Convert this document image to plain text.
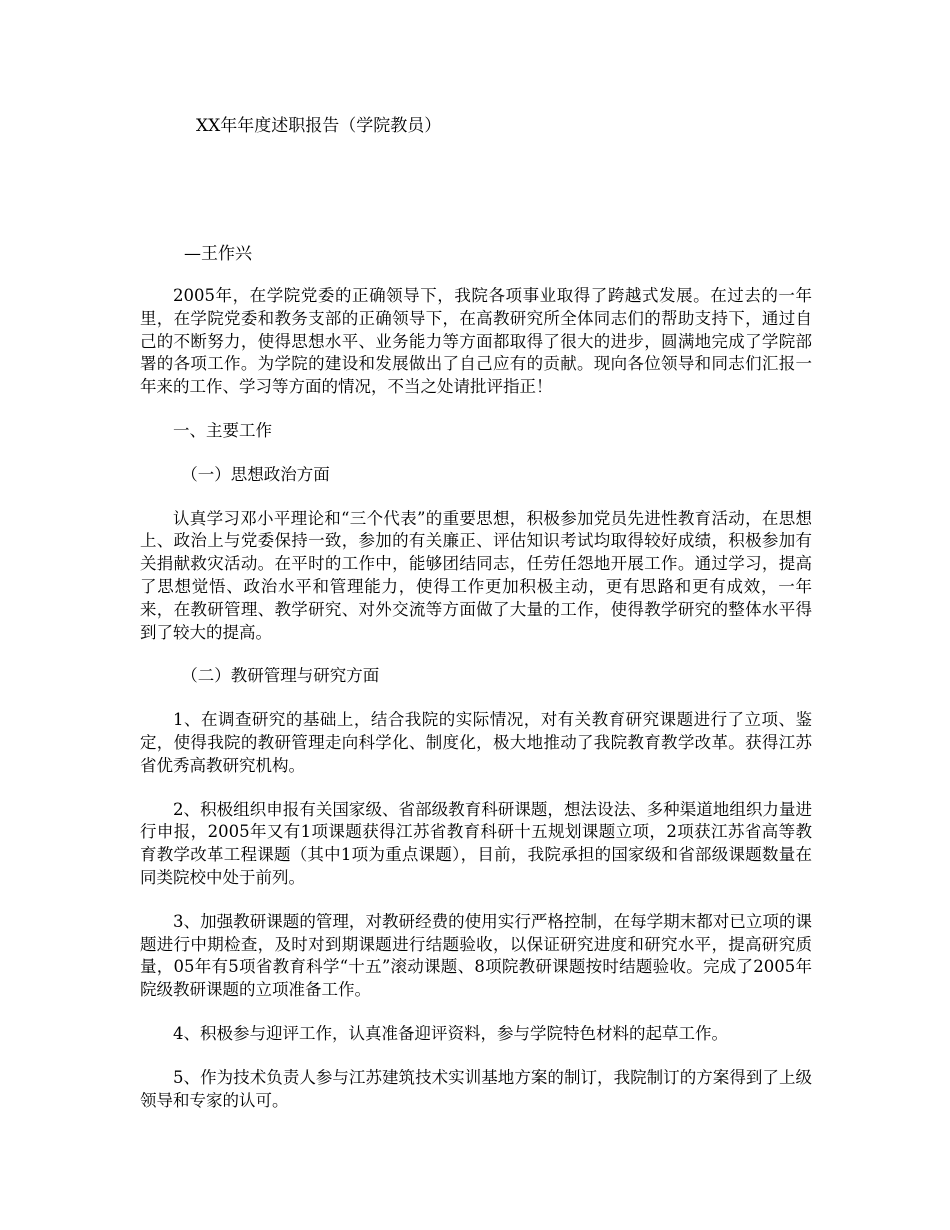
XX年年度述职报告（学院教员）
—王作兴

2005年，在学院党委的正确领导下，我院各项事业取得了跨越式发展。在过去的一年里，在学院党委和教务支部的正确领导下，在高教研究所全体同志们的帮助支持下，通过自己的不断努力，使得思想水平、业务能力等方面都取得了很大的进步，圆满地完成了学院部署的各项工作。为学院的建设和发展做出了自己应有的贡献。现向各位领导和同志们汇报一年来的工作、学习等方面的情况，不当之处请批评指正！

一、主要工作

（一）思想政治方面

认真学习邓小平理论和“三个代表”的重要思想，积极参加党员先进性教育活动，在思想上、政治上与党委保持一致，参加的有关廉正、评估知识考试均取得较好成绩，积极参加有关捐献救灾活动。在平时的工作中，能够团结同志，任劳任怨地开展工作。通过学习，提高了思想觉悟、政治水平和管理能力，使得工作更加积极主动，更有思路和更有成效，一年来，在教研管理、教学研究、对外交流等方面做了大量的工作，使得教学研究的整体水平得到了较大的提高。

（二）教研管理与研究方面

1、在调查研究的基础上，结合我院的实际情况，对有关教育研究课题进行了立项、鉴定，使得我院的教研管理走向科学化、制度化，极大地推动了我院教育教学改革。获得江苏省优秀高教研究机构。

2、积极组织申报有关国家级、省部级教育科研课题，想法设法、多种渠道地组织力量进行申报，2005年又有1项课题获得江苏省教育科研十五规划课题立项，2项获江苏省高等教育教学改革工程课题（其中1项为重点课题），目前，我院承担的国家级和省部级课题数量在同类院校中处于前列。

3、加强教研课题的管理，对教研经费的使用实行严格控制，在每学期末都对已立项的课题进行中期检查，及时对到期课题进行结题验收，以保证研究进度和研究水平，提高研究质量，05年有5项省教育科学“十五”滚动课题、8项院教研课题按时结题验收。完成了2005年院级教研课题的立项准备工作。

4、积极参与迎评工作，认真准备迎评资料，参与学院特色材料的起草工作。

5、作为技术负责人参与江苏建筑技术实训基地方案的制订，我院制订的方案得到了上级领导和专家的认可。
